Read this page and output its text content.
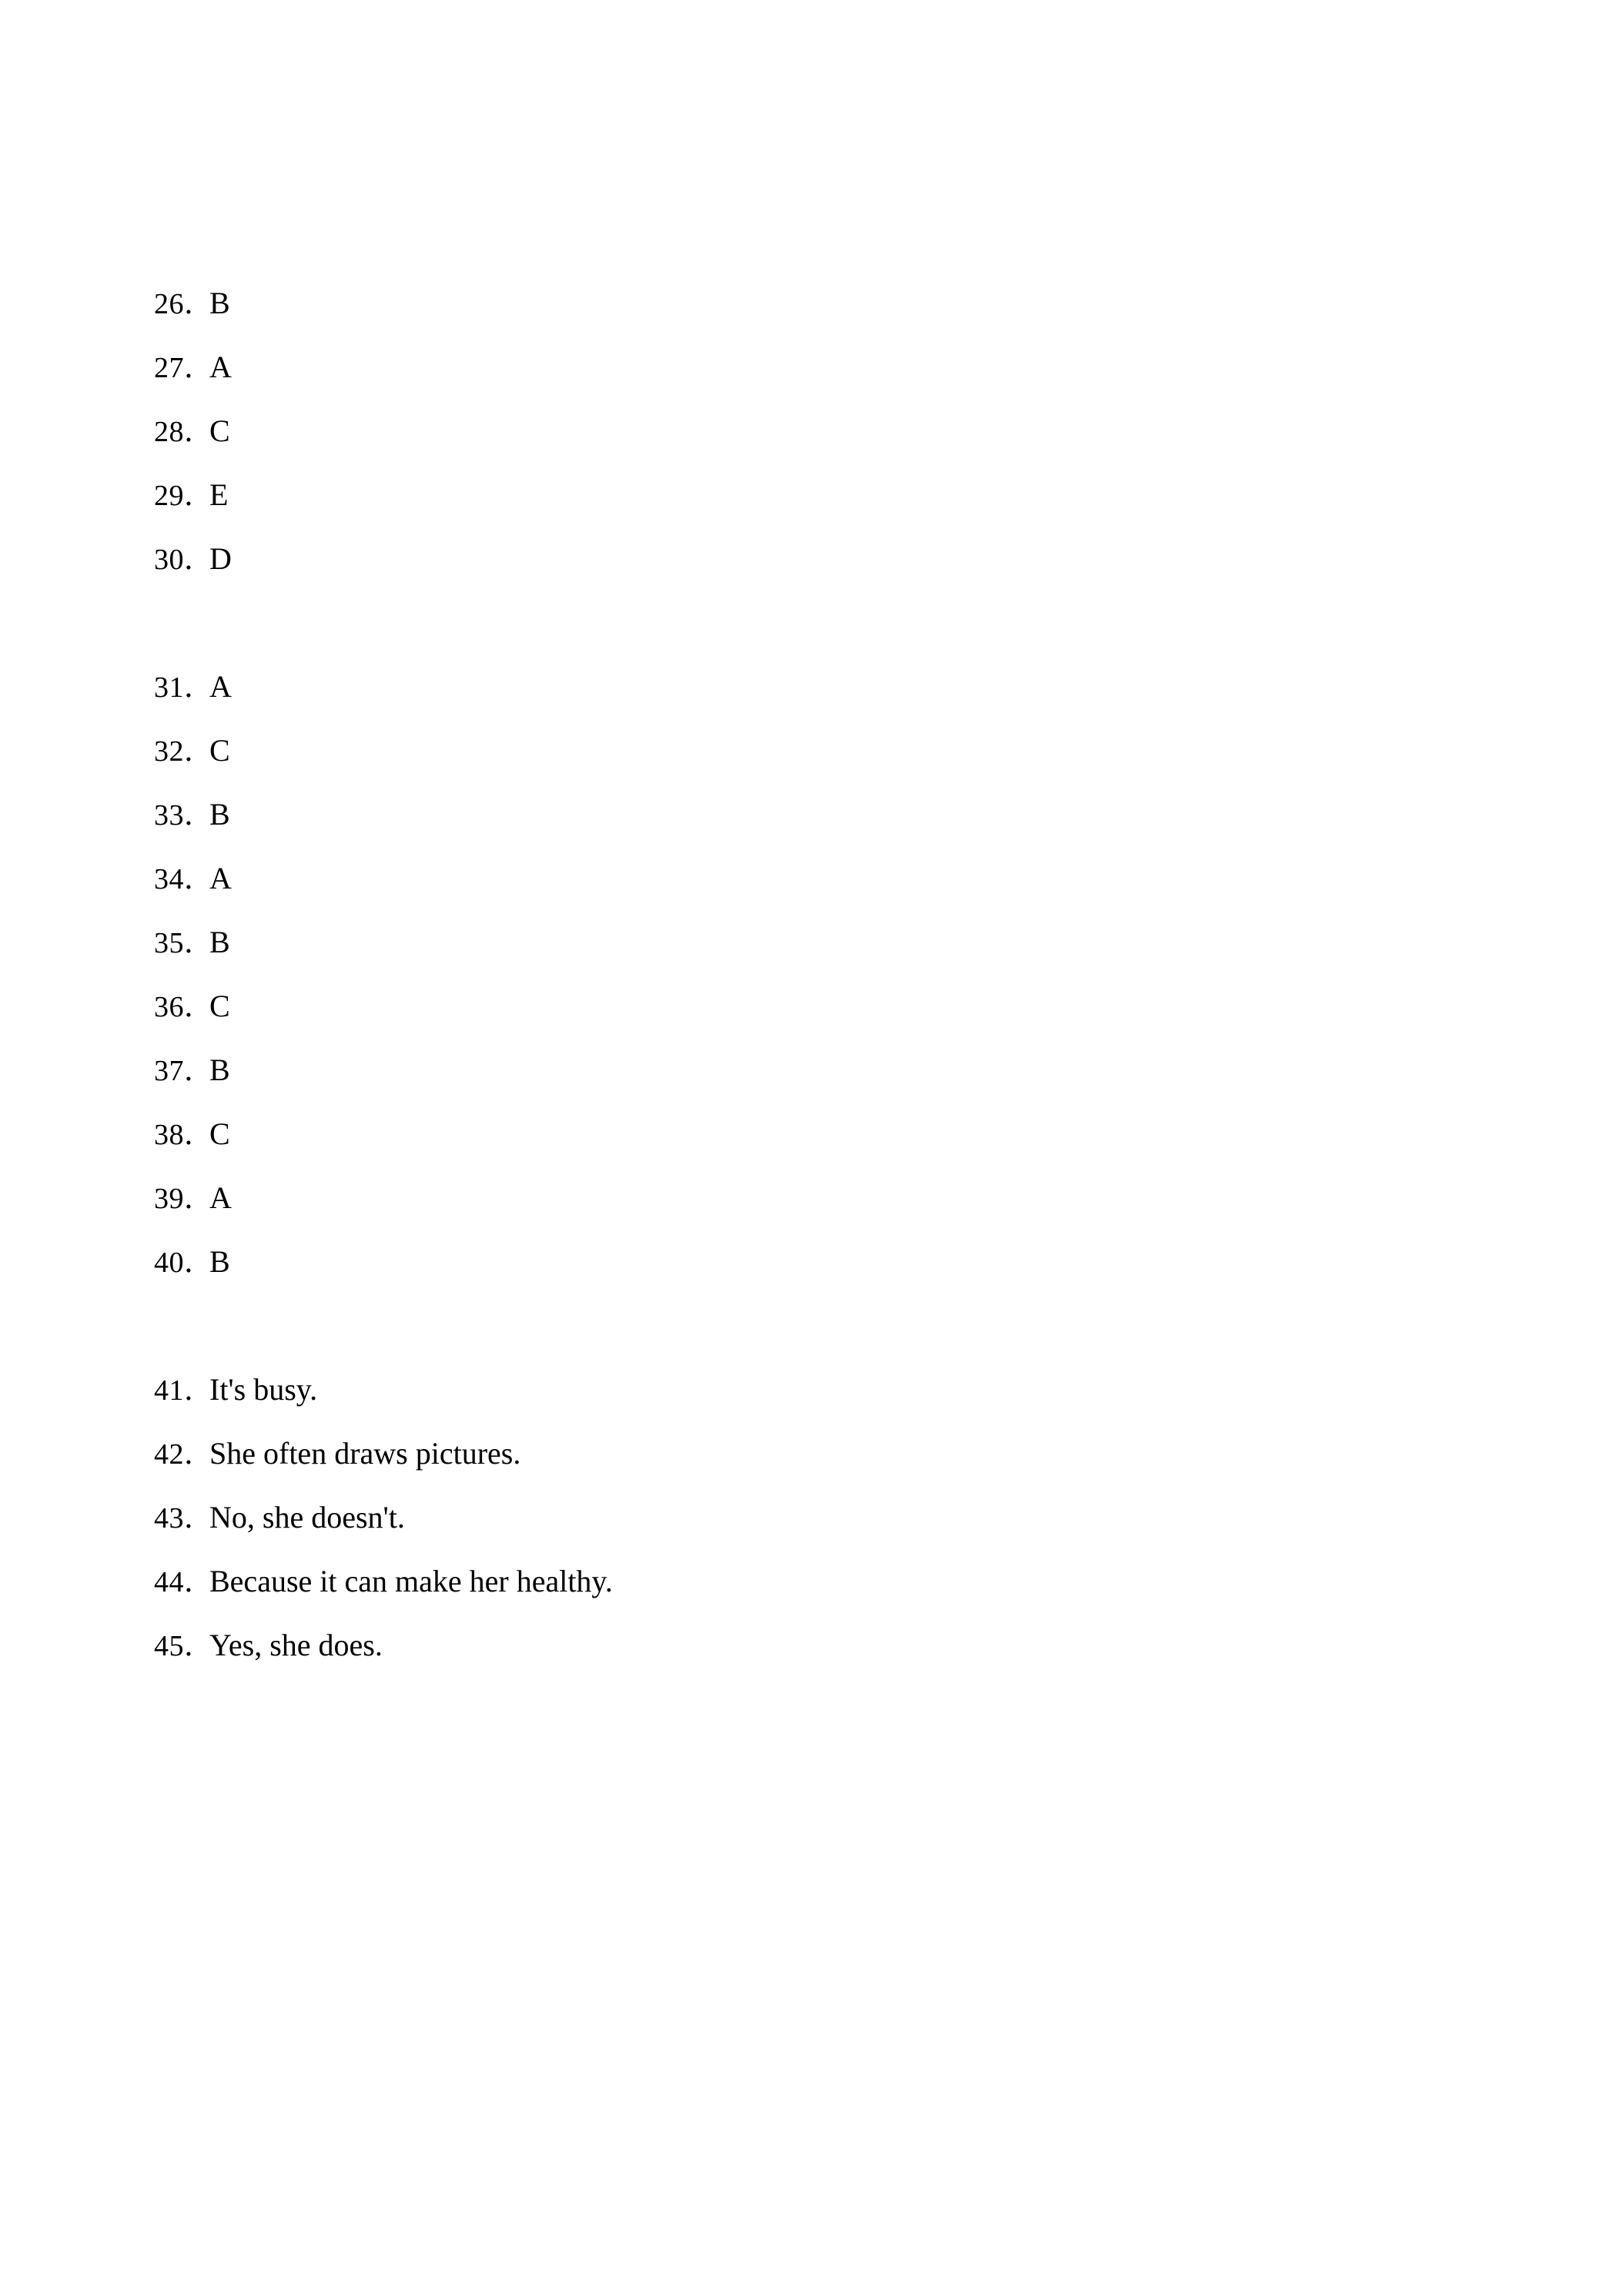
26．
B
27．
A
28．
C
29．
E
30．
D
31．
A
32．
C
33．
B
34．
A
35．
B
36．
C
37．
B
38．
C
39．
A
40．
B
41．
It's busy.
42．
She often draws pictures.
43．
No, she doesn't.
44．
Because it can make her healthy.
45．
Yes, she does.
